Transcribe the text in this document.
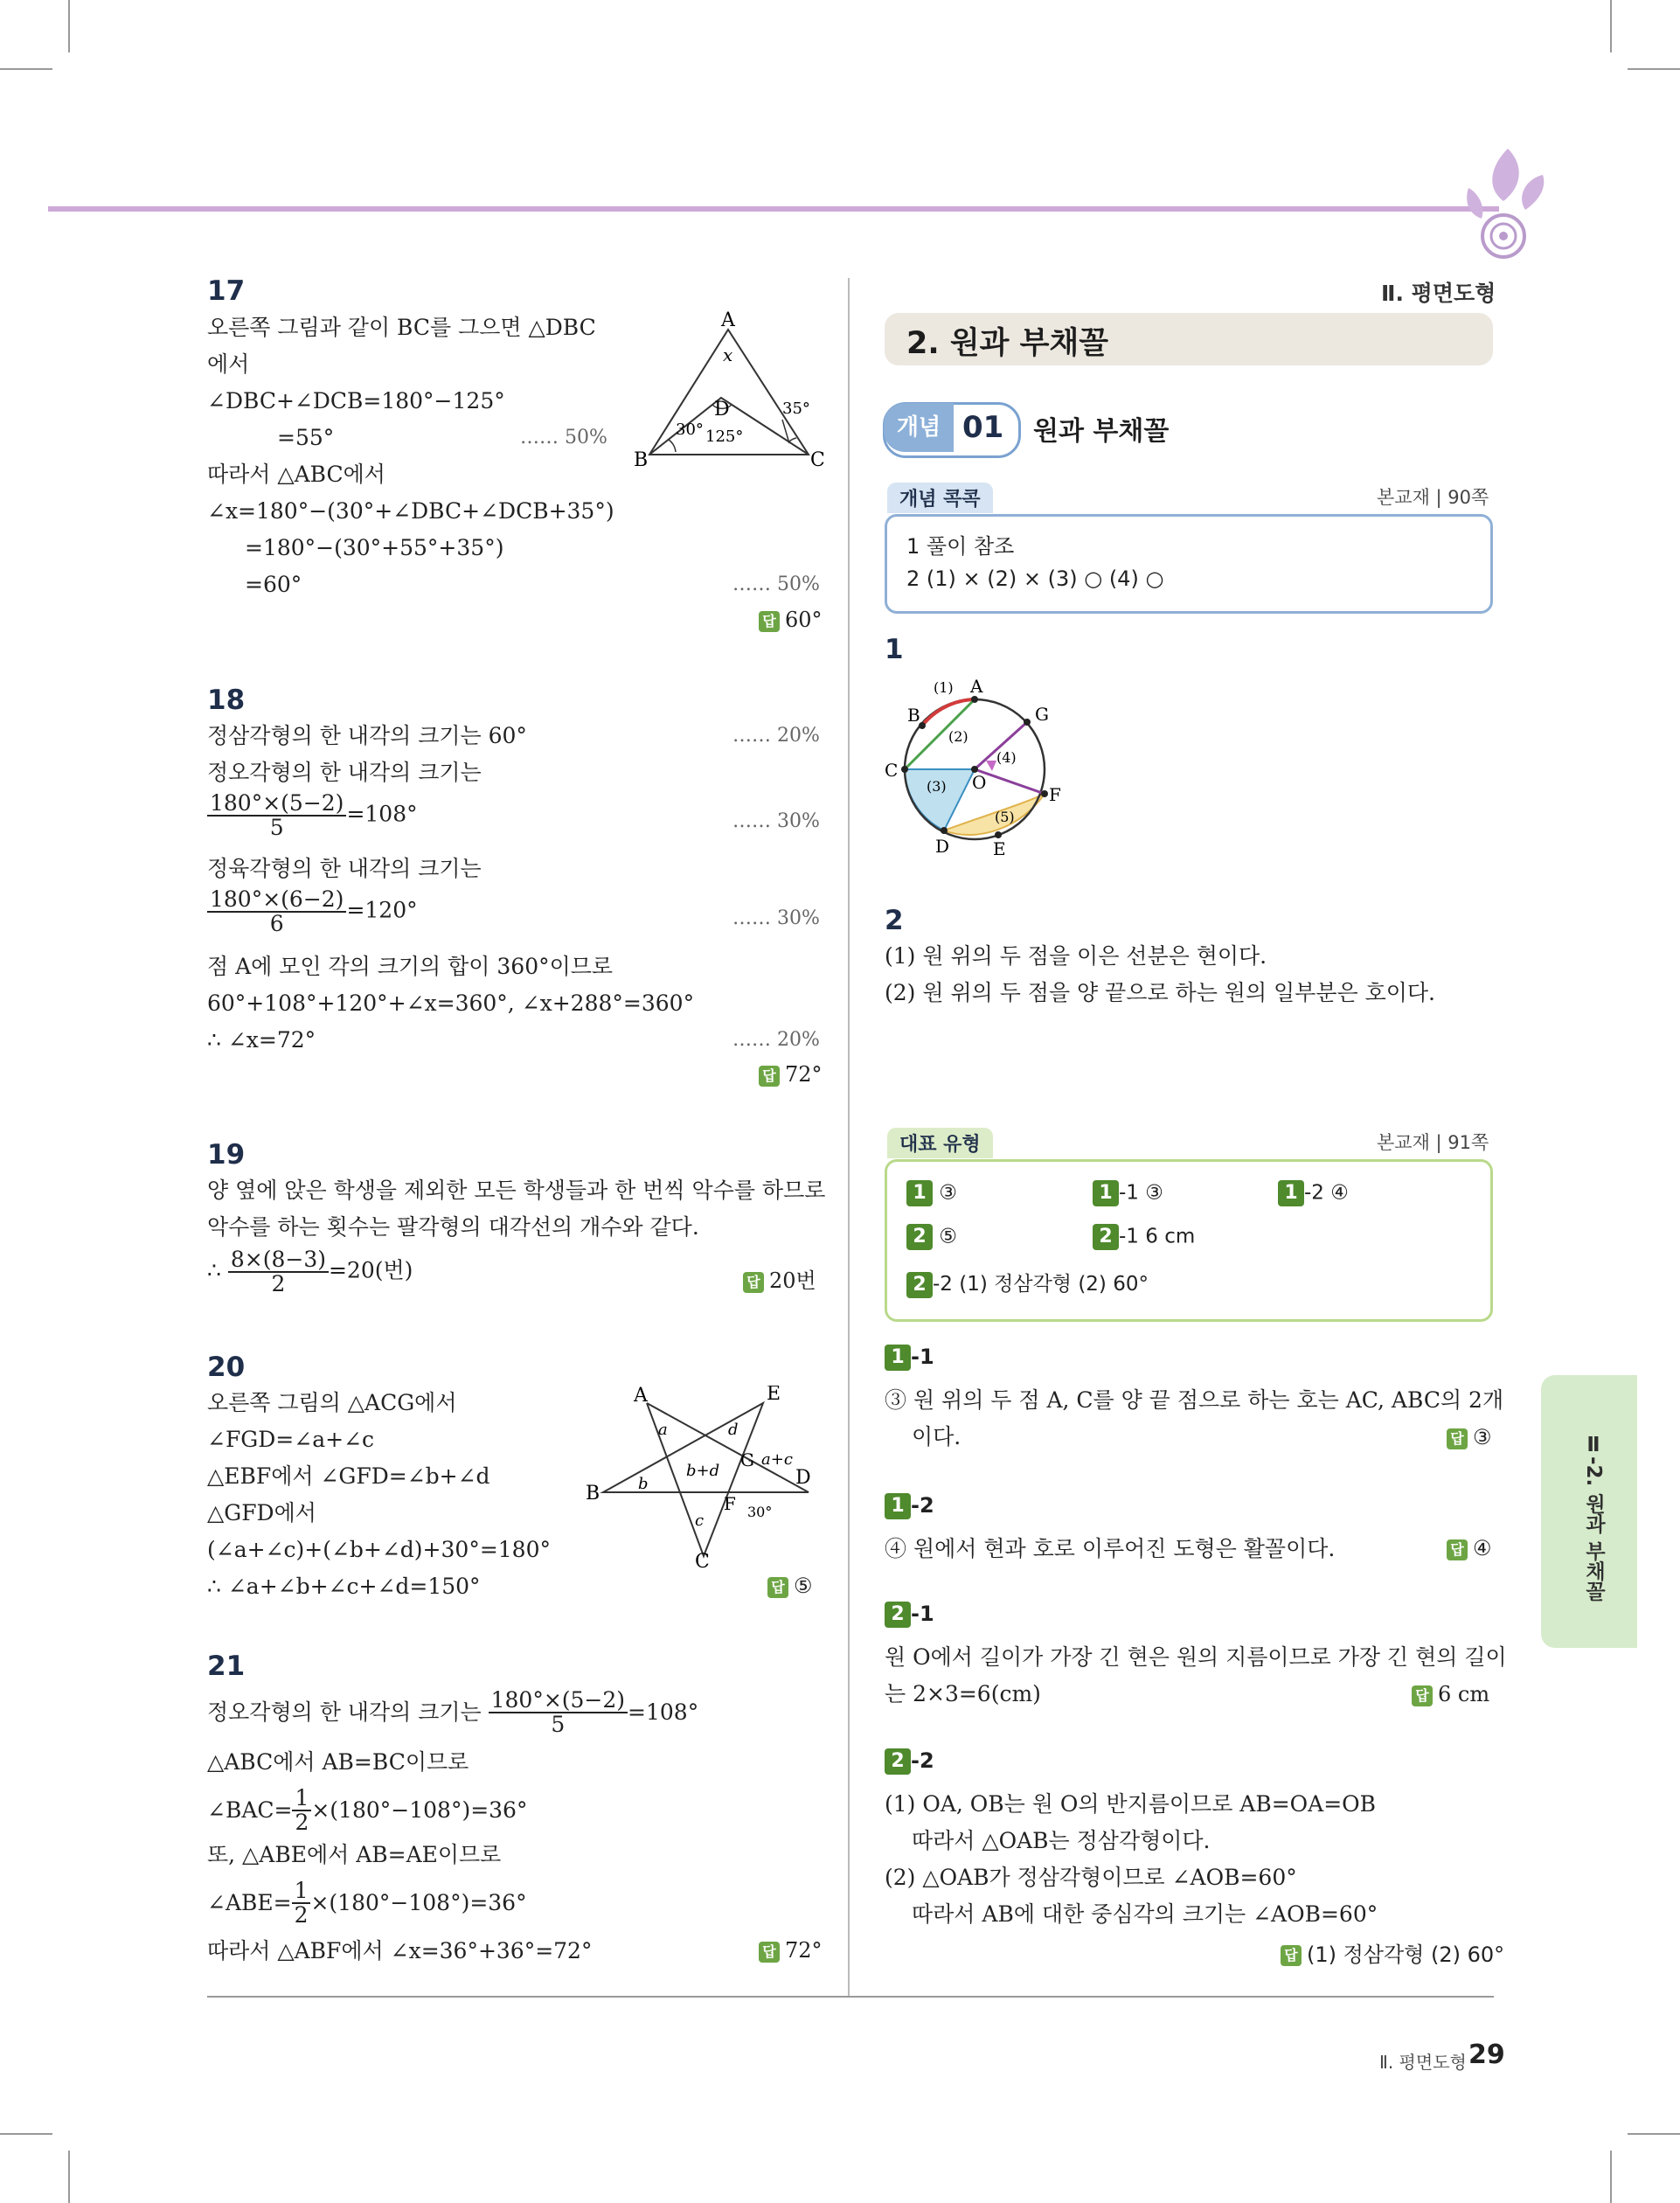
Ⅱ. 평면도형
17
오른쪽 그림과 같이 BC를 그으면 △DBC
에서
∠DBC+∠DCB=180°−125°
=55°	…… 50%
따라서 △ABC에서
∠x=180°−(30°+∠DBC+∠DCB+35°)
=180°−(30°+55°+35°)
=60°	…… 50%
답 60°
A
B	C
D
x
30°
35°
125°
18
정삼각형의 한 내각의 크기는 60°	…… 20%
정오각형의 한 내각의 크기는
$\frac{180^\circ\times(5-2)}{5} =108^\circ$	…… 30%
정육각형의 한 내각의 크기는
$\frac{180^\circ\times(6-2)}{6} =120^\circ$	…… 30%
점 A에 모인 각의 크기의 합이 360°이므로
60°+108°+120°+∠x=360°, ∠x+288°=360°
∴ ∠x=72°	…… 20%
답 72°
19
양 옆에 앉은 학생을 제외한 모든 학생들과 한 번씩 악수를 하므로
악수를 하는 횟수는 팔각형의 대각선의 개수와 같다.
∴ $\frac{8\times(8-3)}{2} =20$(번)	답 20번
20
오른쪽 그림의 △ACG에서
∠FGD=∠a+∠c
△EBF에서 ∠GFD=∠b+∠d
△GFD에서
(∠a+∠c)+(∠b+∠d)+30°=180°
∴ ∠a+∠b+∠c+∠d=150°	답 ⑤
A	E
B
D
C
G
F
a	d
b
c
b+d
a+c
30°
21
정오각형의 한 내각의 크기는 $\frac{180^\circ\times(5-2)}{5} =108^\circ$
△ABC에서 AB=BC이므로
∠BAC= $\frac{1}{2} \times(180^\circ-108^\circ)=36^\circ$
또, △ABE에서 AB=AE이므로
∠ABE= $\frac{1}{2} \times(180^\circ-108^\circ)=36^\circ$
따라서 △ABF에서 ∠x=36°+36°=72°	답 72°
2. 원과 부채꼴
개념 01 원과 부채꼴
개념 콕콕	본교재 | 90쪽
1 풀이 참조
2 (1) × (2) × (3) ○ (4) ○
1
A
B
C
D E
F
G
O
(1)
(2)
(3)
(4)
(5)
2
(1) 원 위의 두 점을 이은 선분은 현이다.
(2) 원 위의 두 점을 양 끝으로 하는 원의 일부분은 호이다.
대표 유형	본교재 | 91쪽
1 ③	1 -1 ③	1 -2 ④
2 ⑤	2 -1 6 cm
2 -2 (1) 정삼각형 (2) 60°
1 -1
③ 원 위의 두 점 A, C를 양 끝 점으로 하는 호는 AC, ABC의 2개
이다.	답 ③
1 -2
④ 원에서 현과 호로 이루어진 도형은 활꼴이다.	답 ④
2 -1
원 O에서 길이가 가장 긴 현은 원의 지름이므로 가장 긴 현의 길이
는 2×3=6(cm)	답 6 cm
2 -2
(1) OA, OB는 원 O의 반지름이므로 AB=OA=OB
따라서 △OAB는 정삼각형이다.
(2) △OAB가 정삼각형이므로 ∠AOB=60°
따라서 AB에 대한 중심각의 크기는 ∠AOB=60°
답 (1) 정삼각형 (2) 60°
Ⅱ-2. 원과 부채꼴
Ⅱ. 평면도형 29
